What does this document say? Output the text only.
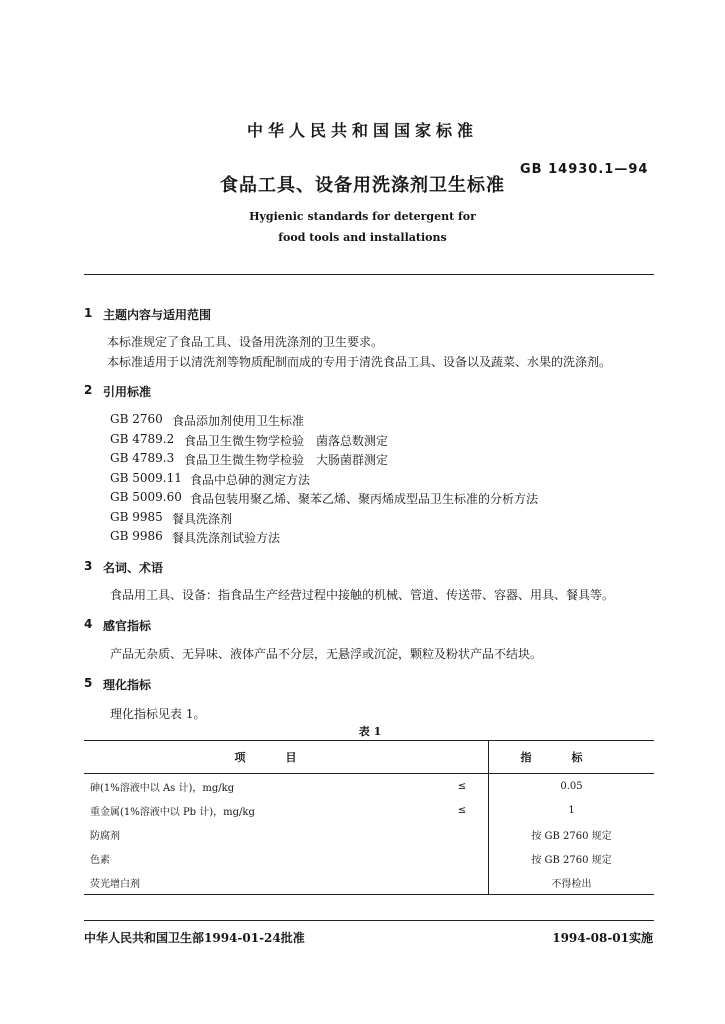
中华人民共和国国家标准
食品工具、设备用洗涤剂卫生标准
GB 14930.1—94
Hygienic standards for detergent for
food tools and installations
1 主题内容与适用范围
本标准规定了食品工具、设备用洗涤剂的卫生要求。
本标准适用于以清洗剂等物质配制而成的专用于清洗食品工具、设备以及蔬菜、水果的洗涤剂。
2 引用标准
GB 2760 食品添加剂使用卫生标准
GB 4789.2 食品卫生微生物学检验　菌落总数测定
GB 4789.3 食品卫生微生物学检验　大肠菌群测定
GB 5009.11 食品中总砷的测定方法
GB 5009.60 食品包装用聚乙烯、聚苯乙烯、聚丙烯成型品卫生标准的分析方法
GB 9985 餐具洗涤剂
GB 9986 餐具洗涤剂试验方法
3 名词、术语
食品用工具、设备：指食品生产经营过程中接触的机械、管道、传送带、容器、用具、餐具等。
4 感官指标
产品无杂质、无异味、液体产品不分层，无悬浮或沉淀，颗粒及粉状产品不结块。
5 理化指标
理化指标见表 1。
表 1
项目		指标
砷(1%溶液中以 As 计)，mg/kg	≤	0.05
重金属(1%溶液中以 Pb 计)，mg/kg	≤	1
防腐剂		按 GB 2760 规定
色素		按 GB 2760 规定
荧光增白剂		不得检出
中华人民共和国卫生部1994-01-24批准	1994-08-01实施
